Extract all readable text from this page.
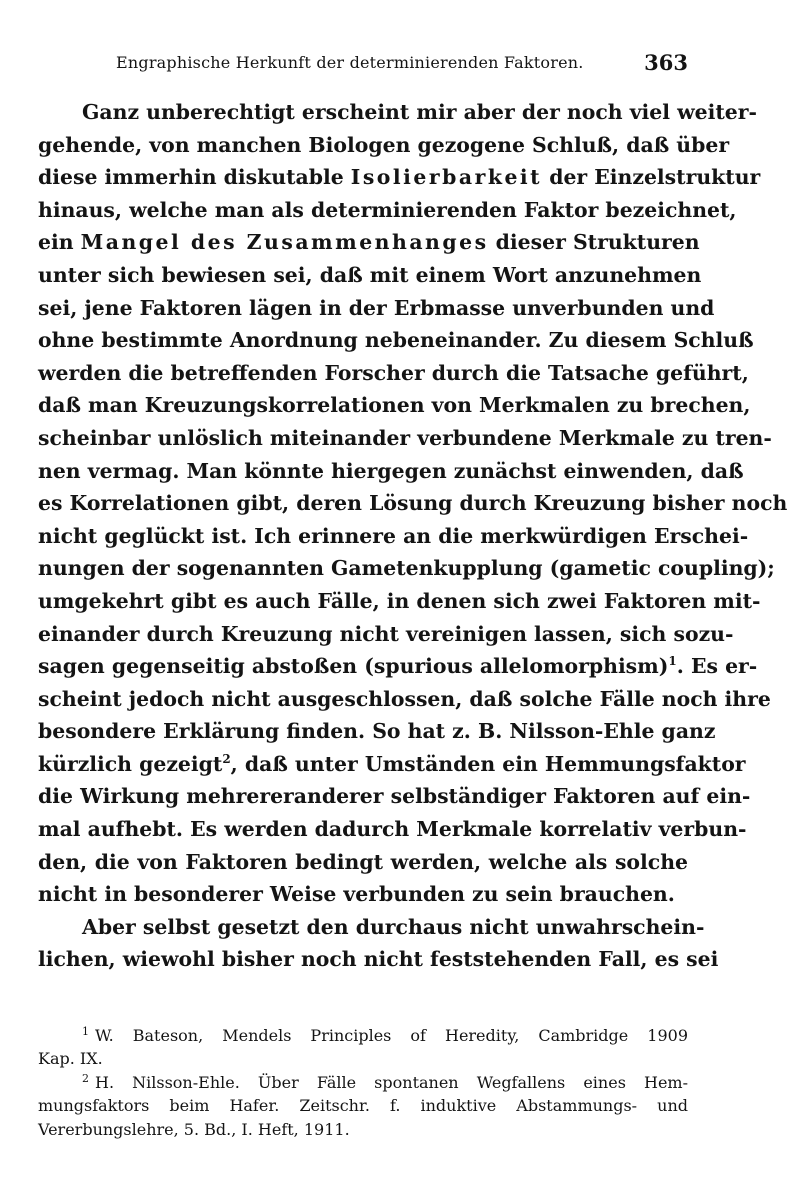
Engraphische Herkunft der determinierenden Faktoren.	363
Ganz unberechtigt erscheint mir aber der noch viel weiter-
gehende, von manchen Biologen gezogene Schluß, daß über
diese immerhin diskutable Isolierbarkeit der Einzelstruktur
hinaus, welche man als determinierenden Faktor bezeichnet,
ein Mangel des Zusammenhanges dieser Strukturen
unter sich bewiesen sei, daß mit einem Wort anzunehmen
sei, jene Faktoren lägen in der Erbmasse unverbunden und
ohne bestimmte Anordnung nebeneinander. Zu diesem Schluß
werden die betreffenden Forscher durch die Tatsache geführt,
daß man Kreuzungskorrelationen von Merkmalen zu brechen,
scheinbar unlöslich miteinander verbundene Merkmale zu tren-
nen vermag. Man könnte hiergegen zunächst einwenden, daß
es Korrelationen gibt, deren Lösung durch Kreuzung bisher noch
nicht geglückt ist. Ich erinnere an die merkwürdigen Erschei-
nungen der sogenannten Gametenkupplung (gametic coupling);
umgekehrt gibt es auch Fälle, in denen sich zwei Faktoren mit-
einander durch Kreuzung nicht vereinigen lassen, sich sozu-
sagen gegenseitig abstoßen (spurious allelomorphism)$^1$. Es er-
scheint jedoch nicht ausgeschlossen, daß solche Fälle noch ihre
besondere Erklärung finden. So hat z. B. Nilsson-Ehle ganz
kürzlich gezeigt$^2$, daß unter Umständen ein Hemmungsfaktor
die Wirkung mehrereranderer selbständiger Faktoren auf ein-
mal aufhebt. Es werden dadurch Merkmale korrelativ verbun-
den, die von Faktoren bedingt werden, welche als solche
nicht in besonderer Weise verbunden zu sein brauchen.
Aber selbst gesetzt den durchaus nicht unwahrschein-
lichen, wiewohl bisher noch nicht feststehenden Fall, es sei
$^1$ W. Bateson, Mendels Principles of Heredity, Cambridge 1909
Kap. IX.
$^2$ H. Nilsson-Ehle. Über Fälle spontanen Wegfallens eines Hem-
mungsfaktors beim Hafer. Zeitschr. f. induktive Abstammungs- und
Vererbungslehre, 5. Bd., I. Heft, 1911.
